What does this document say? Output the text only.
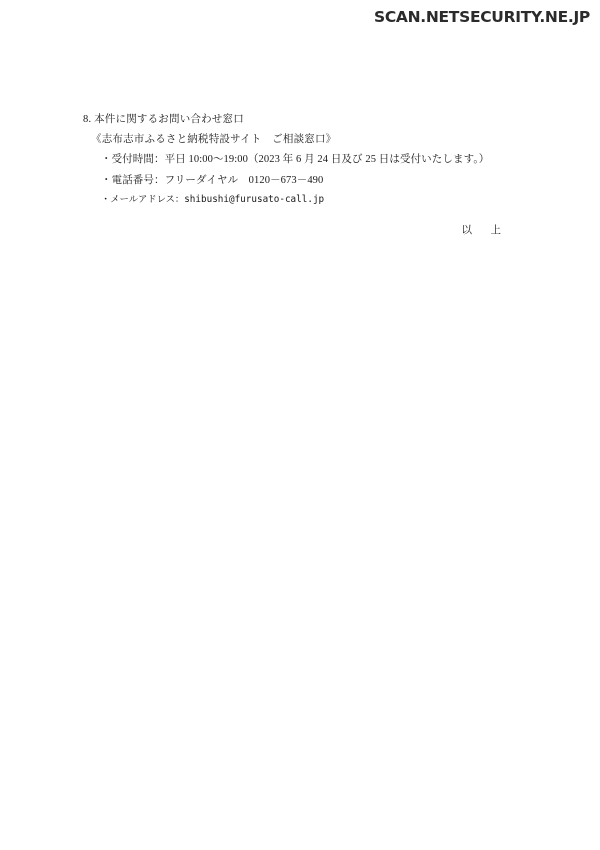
SCAN.NETSECURITY.NE.JP
8. 本件に関するお問い合わせ窓口
《志布志市ふるさと納税特設サイト　ご相談窓口》
・受付時間：平日 10:00〜19:00（2023 年 6 月 24 日及び 25 日は受付いたします。）
・電話番号：フリーダイヤル　0120－673－490
・メールアドレス：shibushi@furusato-call.jp
以　上
